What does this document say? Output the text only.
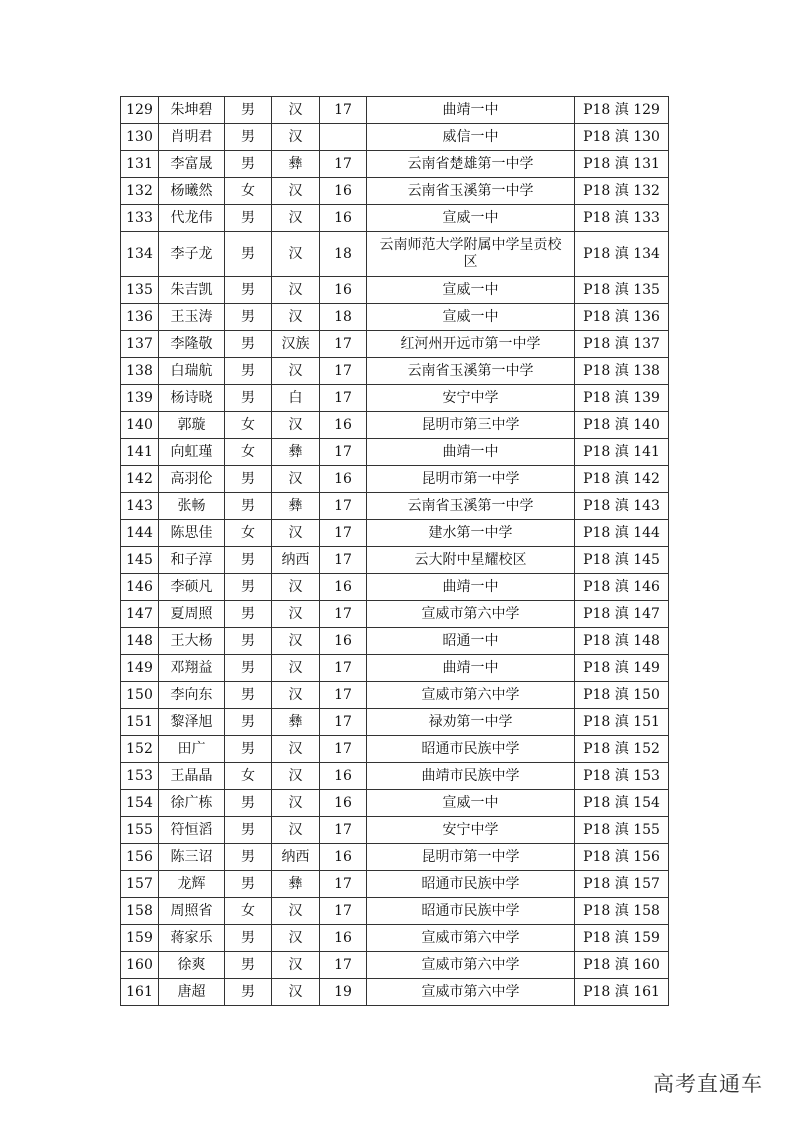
129	朱坤碧	男	汉	17	曲靖一中	P18 滇 129
130	肖明君	男	汉		威信一中	P18 滇 130
131	李富晟	男	彝	17	云南省楚雄第一中学	P18 滇 131
132	杨曦然	女	汉	16	云南省玉溪第一中学	P18 滇 132
133	代龙伟	男	汉	16	宣威一中	P18 滇 133
134	李子龙	男	汉	18	云南师范大学附属中学呈贡校区	P18 滇 134
135	朱吉凯	男	汉	16	宣威一中	P18 滇 135
136	王玉涛	男	汉	18	宣威一中	P18 滇 136
137	李隆敬	男	汉族	17	红河州开远市第一中学	P18 滇 137
138	白瑞航	男	汉	17	云南省玉溪第一中学	P18 滇 138
139	杨诗晓	男	白	17	安宁中学	P18 滇 139
140	郭璇	女	汉	16	昆明市第三中学	P18 滇 140
141	向虹瑾	女	彝	17	曲靖一中	P18 滇 141
142	高羽伦	男	汉	16	昆明市第一中学	P18 滇 142
143	张畅	男	彝	17	云南省玉溪第一中学	P18 滇 143
144	陈思佳	女	汉	17	建水第一中学	P18 滇 144
145	和子淳	男	纳西	17	云大附中星耀校区	P18 滇 145
146	李硕凡	男	汉	16	曲靖一中	P18 滇 146
147	夏周照	男	汉	17	宣威市第六中学	P18 滇 147
148	王大杨	男	汉	16	昭通一中	P18 滇 148
149	邓翔益	男	汉	17	曲靖一中	P18 滇 149
150	李向东	男	汉	17	宣威市第六中学	P18 滇 150
151	黎泽旭	男	彝	17	禄劝第一中学	P18 滇 151
152	田广	男	汉	17	昭通市民族中学	P18 滇 152
153	王晶晶	女	汉	16	曲靖市民族中学	P18 滇 153
154	徐广栋	男	汉	16	宣威一中	P18 滇 154
155	符恒滔	男	汉	17	安宁中学	P18 滇 155
156	陈三诏	男	纳西	16	昆明市第一中学	P18 滇 156
157	龙辉	男	彝	17	昭通市民族中学	P18 滇 157
158	周照省	女	汉	17	昭通市民族中学	P18 滇 158
159	蒋家乐	男	汉	16	宣威市第六中学	P18 滇 159
160	徐爽	男	汉	17	宣威市第六中学	P18 滇 160
161	唐超	男	汉	19	宣威市第六中学	P18 滇 161
高考直通车
